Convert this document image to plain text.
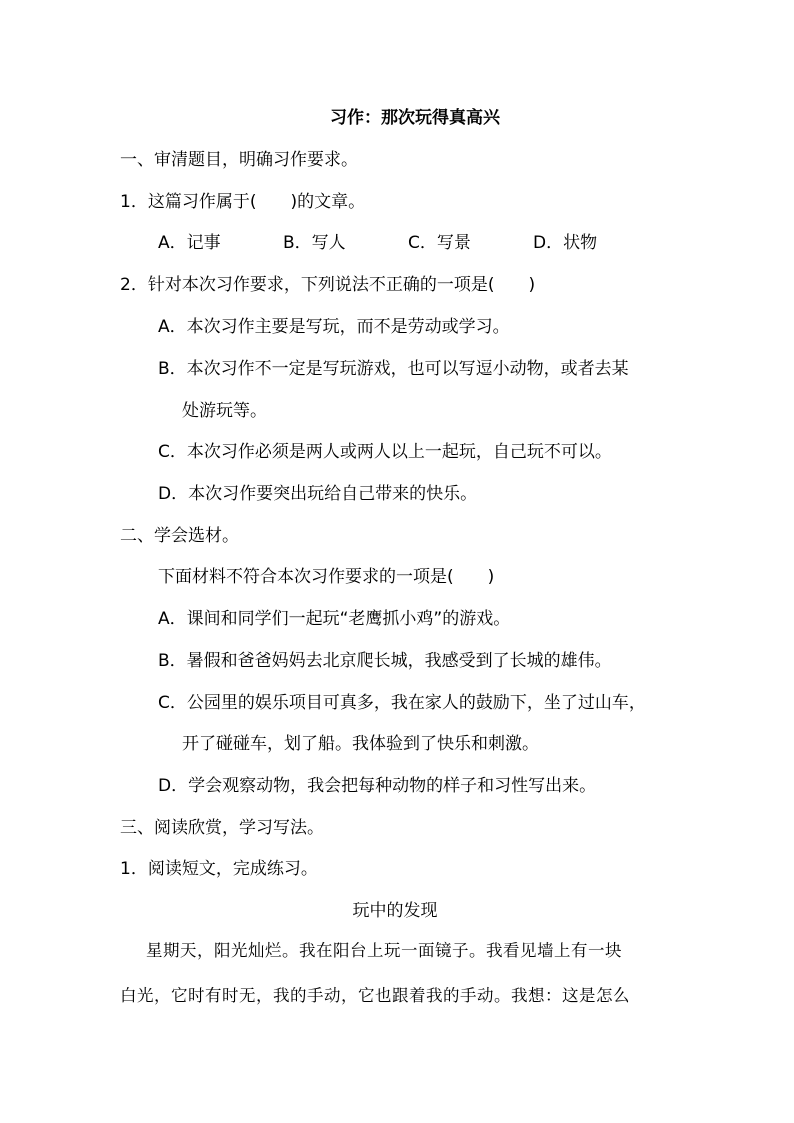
习作：那次玩得真高兴
一、审清题目，明确习作要求。
1．这篇习作属于(　　)的文章。
A．记事	B．写人	C．写景	D．状物
2．针对本次习作要求，下列说法不正确的一项是(　　)
A．本次习作主要是写玩，而不是劳动或学习。
B．本次习作不一定是写玩游戏，也可以写逗小动物，或者去某
处游玩等。
C．本次习作必须是两人或两人以上一起玩，自己玩不可以。
D．本次习作要突出玩给自己带来的快乐。
二、学会选材。
下面材料不符合本次习作要求的一项是(　　)
A．课间和同学们一起玩“老鹰抓小鸡”的游戏。
B．暑假和爸爸妈妈去北京爬长城，我感受到了长城的雄伟。
C．公园里的娱乐项目可真多，我在家人的鼓励下，坐了过山车，
开了碰碰车，划了船。我体验到了快乐和刺激。
D．学会观察动物，我会把每种动物的样子和习性写出来。
三、阅读欣赏，学习写法。
1．阅读短文，完成练习。
玩中的发现
星期天，阳光灿烂。我在阳台上玩一面镜子。我看见墙上有一块
白光，它时有时无，我的手动，它也跟着我的手动。我想：这是怎么
